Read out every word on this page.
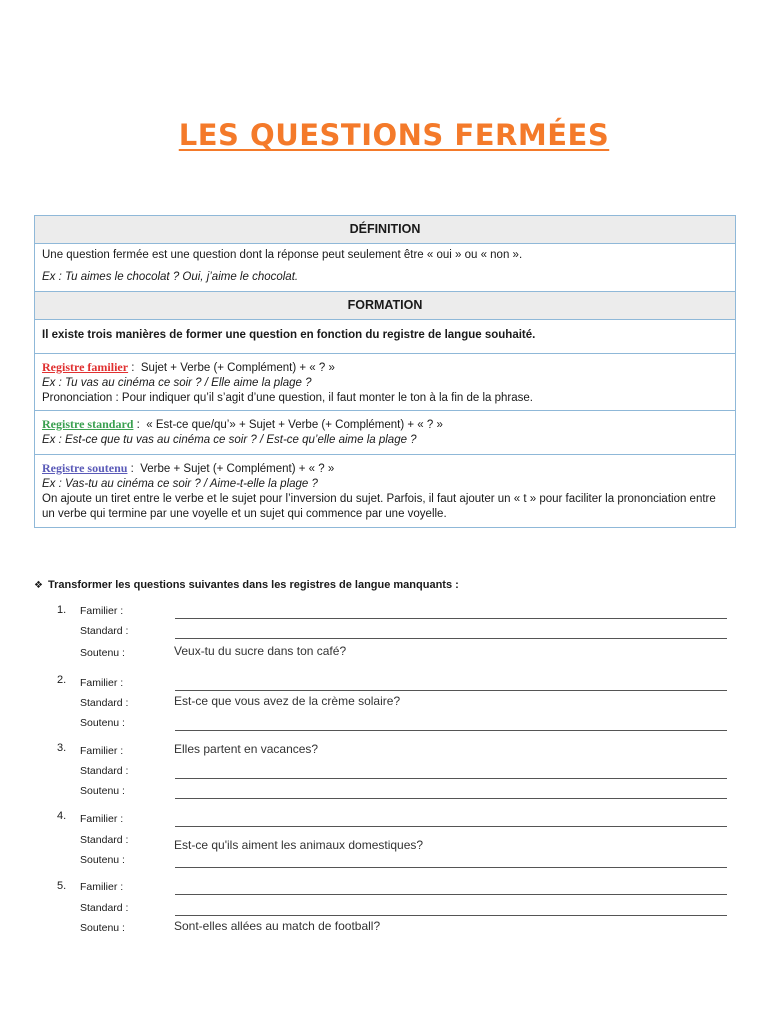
LES QUESTIONS FERMÉES
DÉFINITION
Une question fermée est une question dont la réponse peut seulement être « oui » ou « non ».
Ex : Tu aimes le chocolat ? Oui, j’aime le chocolat.
FORMATION
Il existe trois manières de former une question en fonction du registre de langue souhaité.
Registre familier :  Sujet + Verbe (+ Complément) + « ? »
Ex : Tu vas au cinéma ce soir ? / Elle aime la plage ?
Prononciation : Pour indiquer qu’il s’agit d’une question, il faut monter le ton à la fin de la phrase.
Registre standard :  « Est-ce que/qu’» + Sujet + Verbe (+ Complément) + « ? »
Ex : Est-ce que tu vas au cinéma ce soir ? / Est-ce qu’elle aime la plage ?
Registre soutenu :  Verbe + Sujet (+ Complément) + « ? »
Ex : Vas-tu au cinéma ce soir ? / Aime-t-elle la plage ?
On ajoute un tiret entre le verbe et le sujet pour l’inversion du sujet. Parfois, il faut ajouter un « t » pour faciliter la prononciation entre un verbe qui termine par une voyelle et un sujet qui commence par une voyelle.
❖ Transformer les questions suivantes dans les registres de langue manquants :
1. Familier :
Standard :
Soutenu :	Veux-tu du sucre dans ton café?
2. Familier :
Standard :	Est-ce que vous avez de la crème solaire?
Soutenu :
3. Familier :	Elles partent en vacances?
Standard :
Soutenu :
4. Familier :
Standard :	Est-ce qu'ils aiment les animaux domestiques?
Soutenu :
5. Familier :
Standard :
Soutenu :	Sont-elles allées au match de football?
